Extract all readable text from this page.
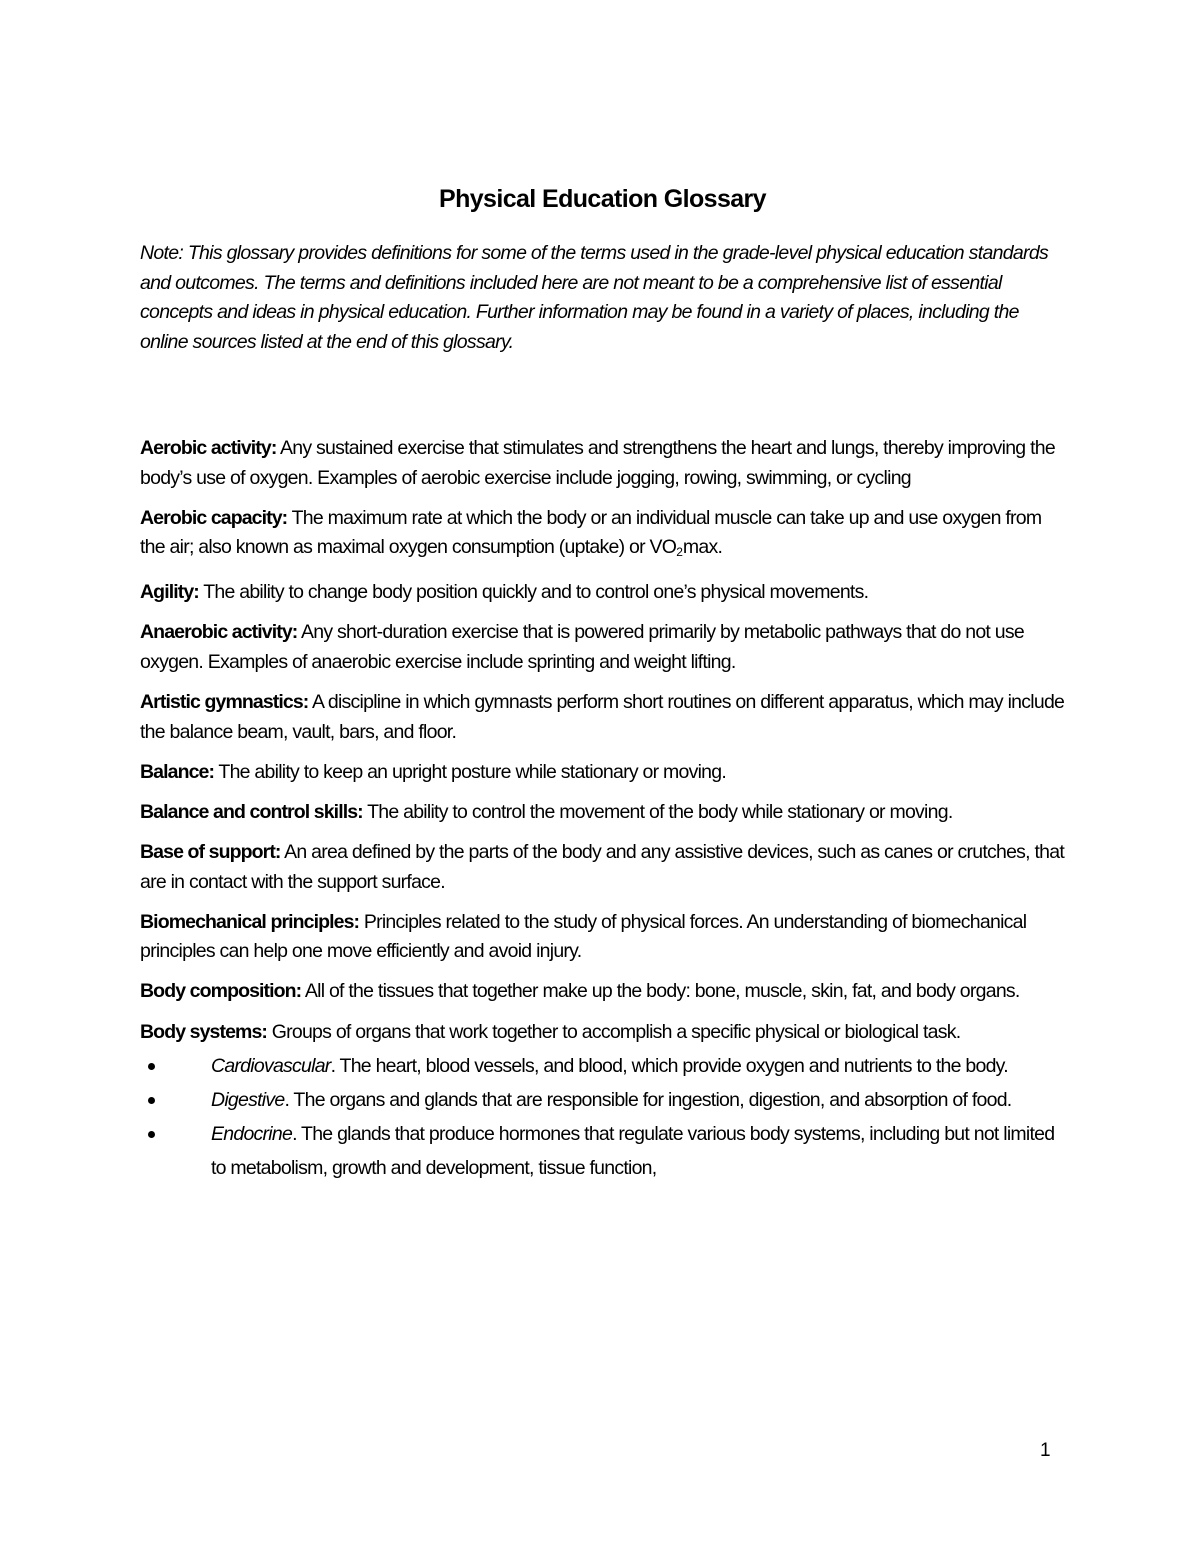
Physical Education Glossary

Note: This glossary provides definitions for some of the terms used in the grade-level physical education standards and outcomes. The terms and definitions included here are not meant to be a comprehensive list of essential concepts and ideas in physical education. Further information may be found in a variety of places, including the online sources listed at the end of this glossary.

Aerobic activity: Any sustained exercise that stimulates and strengthens the heart and lungs, thereby improving the body’s use of oxygen. Examples of aerobic exercise include jogging, rowing, swimming, or cycling

Aerobic capacity: The maximum rate at which the body or an individual muscle can take up and use oxygen from the air; also known as maximal oxygen consumption (uptake) or $VO_2\max$.

Agility: The ability to change body position quickly and to control one’s physical movements.

Anaerobic activity: Any short-duration exercise that is powered primarily by metabolic pathways that do not use oxygen. Examples of anaerobic exercise include sprinting and weight lifting.

Artistic gymnastics: A discipline in which gymnasts perform short routines on different apparatus, which may include the balance beam, vault, bars, and floor.

Balance: The ability to keep an upright posture while stationary or moving.

Balance and control skills: The ability to control the movement of the body while stationary or moving.

Base of support: An area defined by the parts of the body and any assistive devices, such as canes or crutches, that are in contact with the support surface.

Biomechanical principles: Principles related to the study of physical forces. An understanding of biomechanical principles can help one move efficiently and avoid injury.

Body composition: All of the tissues that together make up the body: bone, muscle, skin, fat, and body organs.

Body systems: Groups of organs that work together to accomplish a specific physical or biological task.

Cardiovascular. The heart, blood vessels, and blood, which provide oxygen and nutrients to the body.
Digestive. The organs and glands that are responsible for ingestion, digestion, and absorption of food.
Endocrine. The glands that produce hormones that regulate various body systems, including but not limited to metabolism, growth and development, tissue function,
1
